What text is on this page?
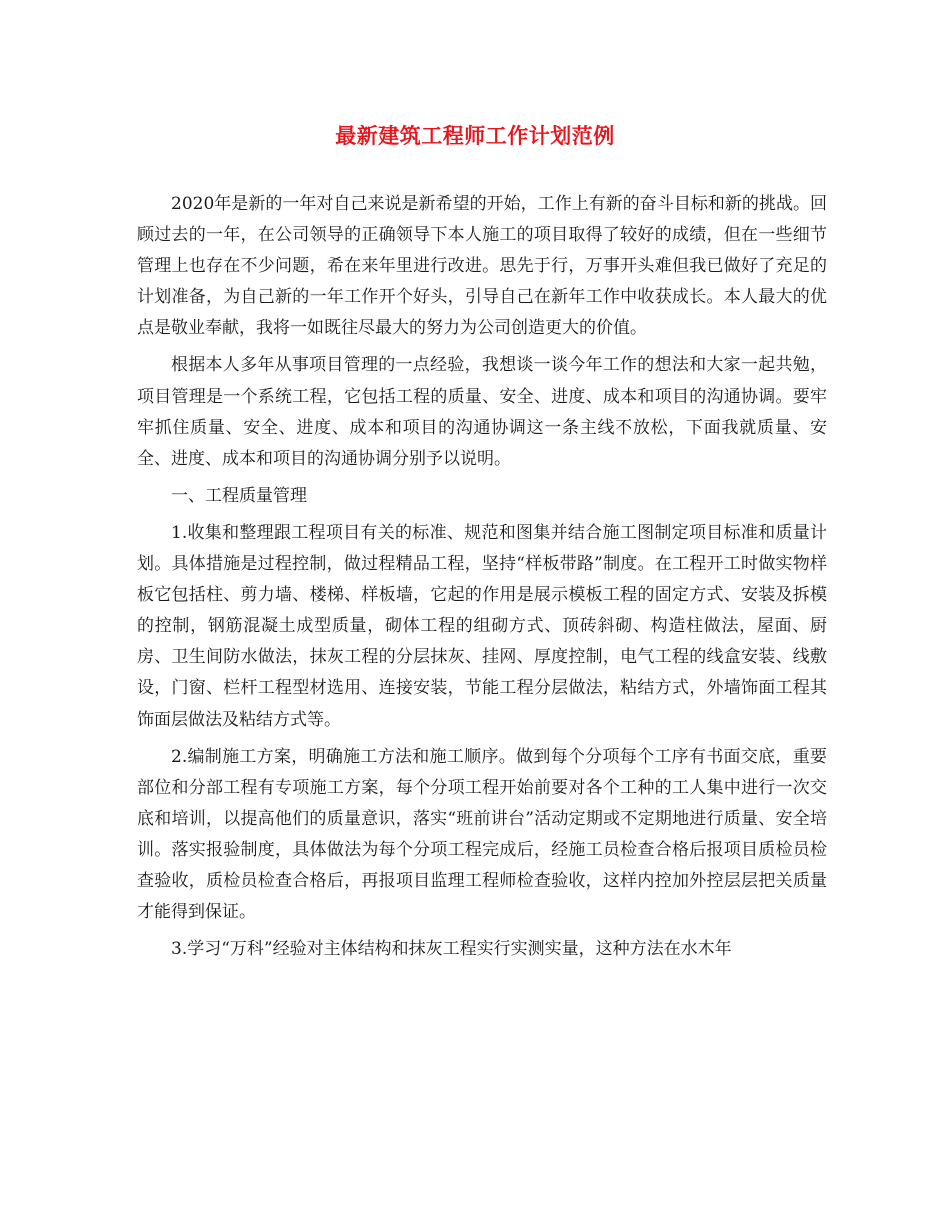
最新建筑工程师工作计划范例

2020年是新的一年对自己来说是新希望的开始，工作上有新的奋斗目标和新的挑战。回顾过去的一年，在公司领导的正确领导下本人施工的项目取得了较好的成绩，但在一些细节管理上也存在不少问题，希在来年里进行改进。思先于行，万事开头难但我已做好了充足的计划准备，为自己新的一年工作开个好头，引导自己在新年工作中收获成长。本人最大的优点是敬业奉献，我将一如既往尽最大的努力为公司创造更大的价值。

根据本人多年从事项目管理的一点经验，我想谈一谈今年工作的想法和大家一起共勉，项目管理是一个系统工程，它包括工程的质量、安全、进度、成本和项目的沟通协调。要牢牢抓住质量、安全、进度、成本和项目的沟通协调这一条主线不放松，下面我就质量、安全、进度、成本和项目的沟通协调分别予以说明。

一、工程质量管理

1.收集和整理跟工程项目有关的标准、规范和图集并结合施工图制定项目标准和质量计划。具体措施是过程控制，做过程精品工程，坚持“样板带路”制度。在工程开工时做实物样板它包括柱、剪力墙、楼梯、样板墙，它起的作用是展示模板工程的固定方式、安装及拆模的控制，钢筋混凝土成型质量，砌体工程的组砌方式、顶砖斜砌、构造柱做法，屋面、厨房、卫生间防水做法，抹灰工程的分层抹灰、挂网、厚度控制，电气工程的线盒安装、线敷设，门窗、栏杆工程型材选用、连接安装，节能工程分层做法，粘结方式，外墙饰面工程其饰面层做法及粘结方式等。

2.编制施工方案，明确施工方法和施工顺序。做到每个分项每个工序有书面交底，重要部位和分部工程有专项施工方案，每个分项工程开始前要对各个工种的工人集中进行一次交底和培训，以提高他们的质量意识，落实“班前讲台”活动定期或不定期地进行质量、安全培训。落实报验制度，具体做法为每个分项工程完成后，经施工员检查合格后报项目质检员检查验收，质检员检查合格后，再报项目监理工程师检查验收，这样内控加外控层层把关质量才能得到保证。

3.学习“万科”经验对主体结构和抹灰工程实行实测实量，这种方法在水木年
